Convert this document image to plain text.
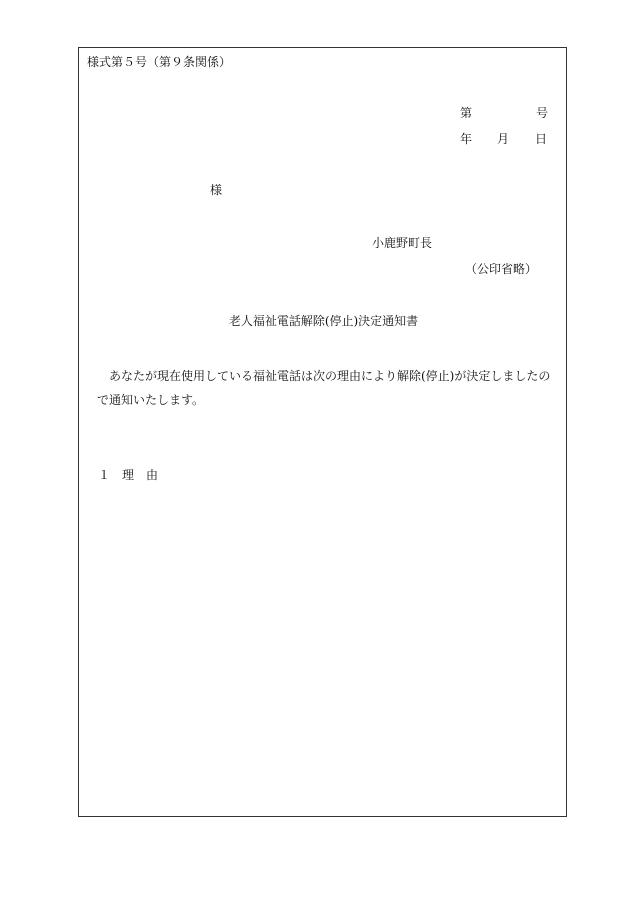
様式第５号（第９条関係）
第	号
年 月 日
様
小鹿野町長
（公印省略）
老人福祉電話解除(停止)決定通知書
あなたが現在使用している福祉電話は次の理由により解除(停止)が決定しましたので通知いたします。
１　理　由
